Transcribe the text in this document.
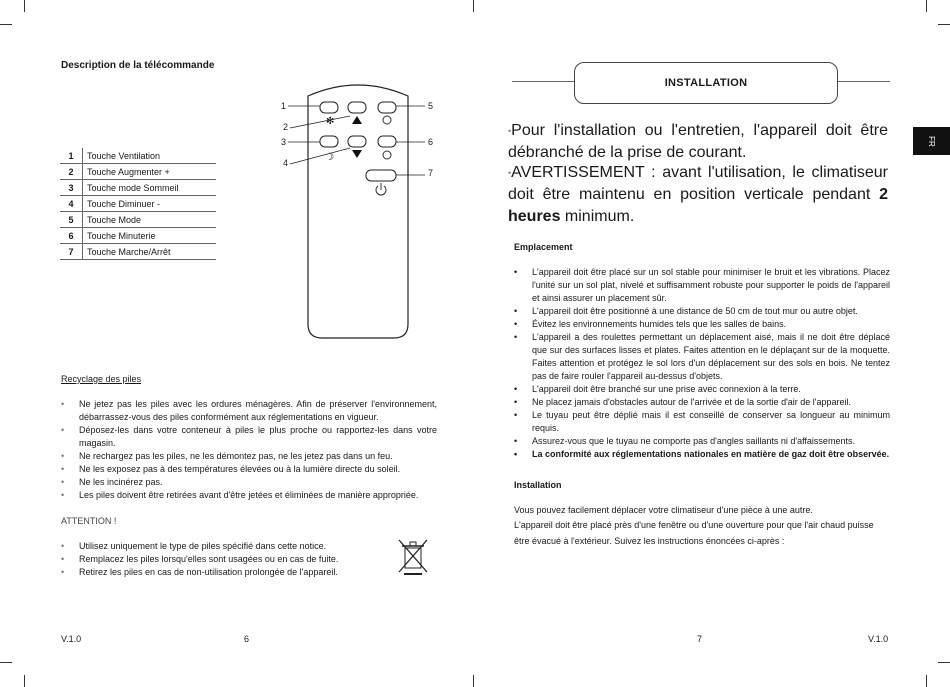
Description de la télécommande
1	Touche Ventilation
2	Touche Augmenter +
3	Touche mode Sommeil
4	Touche Diminuer -
5	Touche Mode
6	Touche Minuterie
7	Touche Marche/Arrêt
✻
☽
1
2
3
4
5
6
7
Recyclage des piles
• Ne jetez pas les piles avec les ordures ménagères. Afin de préserver l'environnement, débarrassez-vous des piles conformément aux réglementations en vigueur.
• Déposez-les dans votre conteneur à piles le plus proche ou rapportez-les dans votre magasin.
• Ne rechargez pas les piles, ne les démontez pas, ne les jetez pas dans un feu.
• Ne les exposez pas à des températures élevées ou à la lumière directe du soleil.
• Ne les incinérez pas.
• Les piles doivent être retirées avant d'être jetées et éliminées de manière appropriée.
ATTENTION !
• Utilisez uniquement le type de piles spécifié dans cette notice.
• Remplacez les piles lorsqu'elles sont usagées ou en cas de fuite.
• Retirez les piles en cas de non-utilisation prolongée de l'appareil.
V.1.0	6
INSTALLATION
FR
•Pour l'installation ou l'entretien, l'appareil doit être débranché de la prise de courant.
•AVERTISSEMENT : avant l'utilisation, le climatiseur doit être maintenu en position verticale pendant 2 heures minimum.
Emplacement
• L'appareil doit être placé sur un sol stable pour minimiser le bruit et les vibrations. Placez l'unité sur un sol plat, nivelé et suffisamment robuste pour supporter le poids de l'appareil et ainsi assurer un placement sûr.
• L'appareil doit être positionné à une distance de 50 cm de tout mur ou autre objet.
• Évitez les environnements humides tels que les salles de bains.
• L'appareil a des roulettes permettant un déplacement aisé, mais il ne doit être déplacé que sur des surfaces lisses et plates. Faites attention en le déplaçant sur de la moquette. Faites attention et protégez le sol lors d'un déplacement sur des sols en bois. Ne tentez pas de faire rouler l'appareil au-dessus d'objets.
• L'appareil doit être branché sur une prise avec connexion à la terre.
• Ne placez jamais d'obstacles autour de l'arrivée et de la sortie d'air de l'appareil.
• Le tuyau peut être déplié mais il est conseillé de conserver sa longueur au minimum requis.
• Assurez-vous que le tuyau ne comporte pas d'angles saillants ni d'affaissements.
• La conformité aux réglementations nationales en matière de gaz doit être observée.
Installation
Vous pouvez facilement déplacer votre climatiseur d'une pièce à une autre.
L'appareil doit être placé près d'une fenêtre ou d'une ouverture pour que l'air chaud puisse être évacué à l'extérieur. Suivez les instructions énoncées ci-après :
7	V.1.0
